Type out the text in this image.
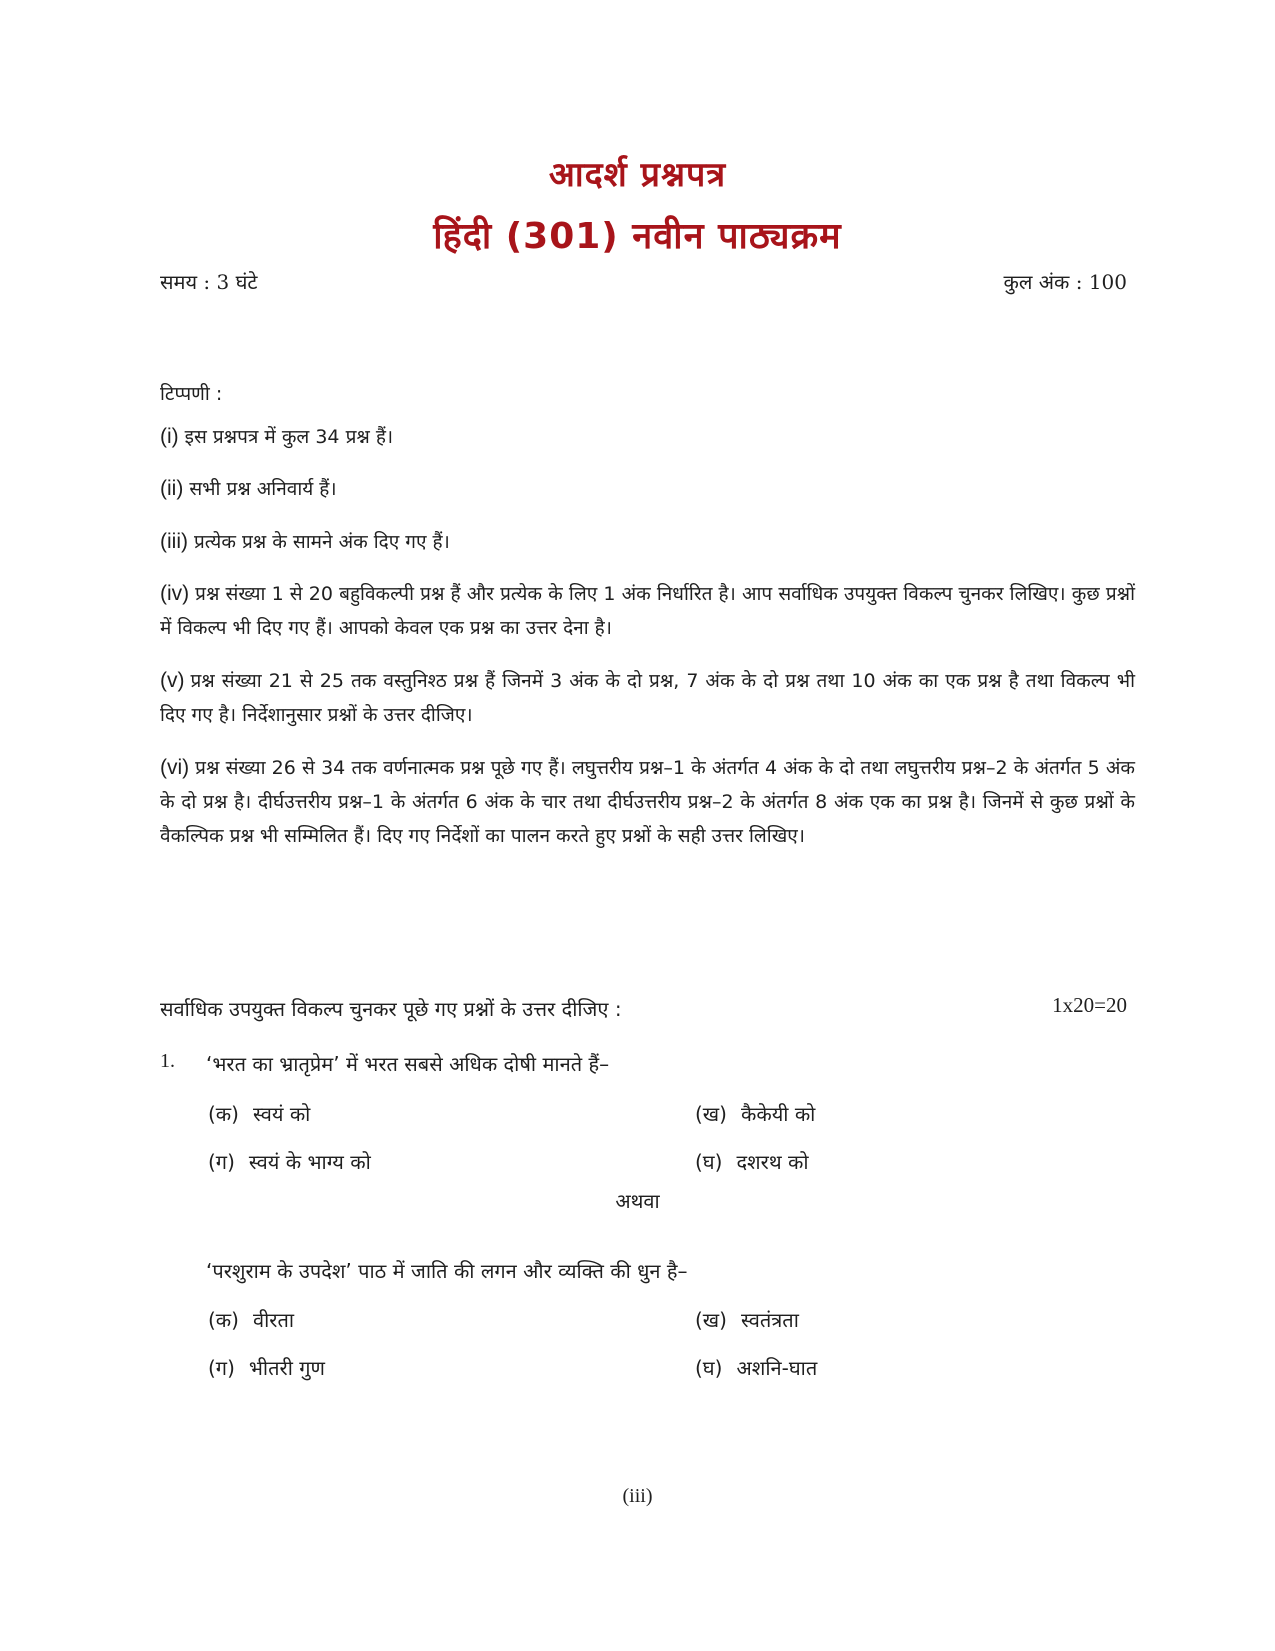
आदर्श प्रश्नपत्र
हिंदी (301) नवीन पाठ्यक्रम
समय : 3 घंटे	कुल अंक : 100
टिप्पणी :
(i) इस प्रश्नपत्र में कुल 34 प्रश्न हैं।
(ii) सभी प्रश्न अनिवार्य हैं।
(iii) प्रत्येक प्रश्न के सामने अंक दिए गए हैं।
(iv) प्रश्न संख्या 1 से 20 बहुविकल्पी प्रश्न हैं और प्रत्येक के लिए 1 अंक निर्धारित है। आप सर्वाधिक उपयुक्त विकल्प चुनकर लिखिए। कुछ प्रश्नों में विकल्प भी दिए गए हैं। आपको केवल एक प्रश्न का उत्तर देना है।
(v) प्रश्न संख्या 21 से 25 तक वस्तुनिश्ठ प्रश्न हैं जिनमें 3 अंक के दो प्रश्न, 7 अंक के दो प्रश्न तथा 10 अंक का एक प्रश्न है तथा विकल्प भी दिए गए है। निर्देशानुसार प्रश्नों के उत्तर दीजिए।
(vi) प्रश्न संख्या 26 से 34 तक वर्णनात्मक प्रश्न पूछे गए हैं। लघुत्तरीय प्रश्न–1 के अंतर्गत 4 अंक के दो तथा लघुत्तरीय प्रश्न–2 के अंतर्गत 5 अंक के दो प्रश्न है। दीर्घउत्तरीय प्रश्न–1 के अंतर्गत 6 अंक के चार तथा दीर्घउत्तरीय प्रश्न–2 के अंतर्गत 8 अंक एक का प्रश्न है। जिनमें से कुछ प्रश्नों के वैकल्पिक प्रश्न भी सम्मिलित हैं। दिए गए निर्देशों का पालन करते हुए प्रश्नों के सही उत्तर लिखिए।
सर्वाधिक उपयुक्त विकल्प चुनकर पूछे गए प्रश्नों के उत्तर दीजिए :	1x20=20
1. ‘भरत का भ्रातृप्रेम’ में भरत सबसे अधिक दोषी मानते हैं–
(क) स्वयं को	(ख) कैकेयी को
(ग) स्वयं के भाग्य को	(घ) दशरथ को
अथवा
‘परशुराम के उपदेश’ पाठ में जाति की लगन और व्यक्ति की धुन है–
(क) वीरता	(ख) स्वतंत्रता
(ग) भीतरी गुण	(घ) अशनि-घात
(iii)
